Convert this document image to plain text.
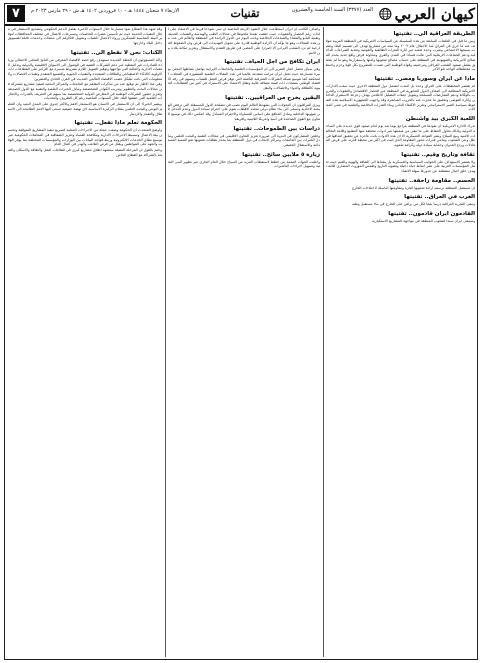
كيهان العربي
العدد (٣٣٧٧) السنة الخامسة والعشرون
تقنيات
الاربعاء ٧ شعبان ١٤٤٤ هـ - ١٠ فروردين ١٤٠٢ هـ ش - ٢٩ مارس ٢٠٢٣ م
٧
الطريقة العراقية الى.. تفتيتها

وبين ما قيل في الحلقات السابقة من هذه السلسلة عن السياسات الامريكية في المنطقة العربية نتوقف عند ما جرى في العراق منذ الاحتلال عام ٢٠٠٣ وما تبعه من مشاريع تهدف الى تقسيم البلاد وتفتيت نسيجها الاجتماعي وضرب وحدة شعبه عبر اثارة النعرات الطائفية والقومية وتغذية الصراعات الداخلية ودعم الجماعات الارهابية التي عاثت فسادا في المدن والقرى ومحاولة فرض واقع جديد يخدم المصالح الامريكية والصهيونية في المنطقة على حساب مصالح شعوبها وامنها واستقرارها وهو ما لم يتحقق بفضل صمود الشعب العراقي ومرجعيته وقواه الوطنية التي تصدت للمشروع بكل قوة وحزم واحبطت مخططاته الواحد تلو الآخر

ماذا عن ايران وسوريا ومصر.. تفتيتها

لم تقتصر المخططات على العراق وحده بل امتدت لتشمل دول المنطقة الاخرى حيث سعت الادارات الامريكية المتعاقبة الى اضعاف الدول المحورية في المنطقة عبر الحصار الاقتصادي والعقوبات والحروب بالوكالة ودعم المعارضات المسلحة وتمويل حملات التضليل الاعلامي بهدف زعزعة الاستقرار الداخلي واثارة الفوضى وتحقيق ما عجزت عنه بالحروب المباشرة وقد واجهت الجمهورية الاسلامية هذه الضغوط بسياسة الصبر الاستراتيجي وتعزيز الاكتفاء الذاتي وبناء القدرات الدفاعية والعلمية في شتى المجالات

اللعبة الكبرى بيد واشنطن

تدرك الادارة الامريكية ان نفوذها في المنطقة يتراجع يوما بعد يوم امام صعود قوى جديدة على الساحة الدولية ولذلك تحاول الحفاظ على ما تبقى من هيمنتها عبر ادوات مختلفة منها التطبيع واقامة التحالفات الامنية وبيع السلاح ونشر القواعد العسكرية الا ان هذه الادوات باتت عاجزة عن تحقيق اهدافها في ظل وعي الشعوب وتنامي قدرات محور المقاومة الذي اثبت في اكثر من محطة قدرته على فرض المعادلات وردع العدوان وحماية سيادة دوله وكرامة شعوبه

ثقافة وتاريخ وقيم.. تفتيتها

ولا يقتصر الاستهداف على الجوانب السياسية والعسكرية بل يتعداها الى الثقافة والهوية والقيم حيث تعمل المؤسسات الغربية على نشر انماط حياة دخيلة وتشويه التاريخ وطمس الموروث الحضاري للامة بهدف خلق اجيال منقطعة عن جذورها سهلة الانقياد

الحسم.. مقاومة زاحفة.. تفتيتها

ان مستقبل المنطقة ترسمه ارادة شعوبها الحرة ومقاومتها الباسلة لا املاءات الخارج

الغرب في العراق.. تفتيتها

وتبقى التجربة العراقية درسا بليغا لكل من يراهن على الخارج في بناء مستقبل وطنه

القادمون ايران قادمون.. تفتيتها

وستبقى ايران سندا لشعوب المنطقة في مواجهة المشاريع الاستكبارية

واضاف الكاتب ان ايران استطاعت خلال العقود الاربعة الماضية ان تبني نموذجا فريدا في الاعتماد على الذات رغم الحصار والعقوبات حيث حققت تقدما ملحوظا في مجالات الطب والهندسة والتقنيات الحديثة وتقنية النانو والفضاء والصناعات الدفاعية وباتت اليوم من الدول الرائدة في المنطقة والعالم في عدد من هذه المجالات وهو ما يؤكد ان الارادة الوطنية قادرة على تحويل التهديدات الى فرص وان الضغوط الخارجية لم تزد الشعب الايراني الا اصرارا على المضي في طريق التقدم والاستقلال وتعزيز مكانة بلاده بين الامم

ايران تكافح من اجل الحياة.. تفتيتها

وفي سياق متصل اشار التقرير الى ان المؤسسات العلمية والجامعات الايرانية تواصل نشاطها البحثي بوتيرة متسارعة حيث تحتل ايران مراتب متقدمة عالميا في عدد المقالات العلمية المنشورة في المجلات المحكمة كما تتوسع شبكة الشركات المعرفية الناشئة التي توفر فرص العمل للشباب وتسهم في رفد الاقتصاد الوطني بمنتجات ذات قيمة مضافة عالية وتقلل الاعتماد على الاستيراد في كثير من القطاعات الحيوية كالطاقة والدواء والاتصالات والنقل

اليقين يخرج من العراقيين.. تفتيتها

ويرى المراقبون ان التحولات التي يشهدها العالم اليوم تصب في مصلحة الدول المستقلة التي ترفض الهيمنة الاحادية وتسعى الى بناء نظام دولي متعدد الاقطاب يقوم على احترام سيادة الدول وعدم التدخل في شؤونها الداخلية وتبادل المنافع على اساس المساواة والاحترام المتبادل وقد انعكس ذلك في توسيع التعاون مع القوى الصاعدة في آسيا وامريكا اللاتينية وافريقيا

دراسات بين الطموحات.. تفتيتها

وخلص المشاركون في الندوة الى ضرورة تعزيز التعاون الاقليمي في مجالات التقنية والبحث العلمي وتبادل الخبرات بين الجامعات ومراكز الابحاث في دول المنطقة بما يخدم تطلعات شعوبها نحو التنمية المستدامة والاستقلال الحقيقي

زيارة ٥ ملايين سائح.. تفتيتها

واعلنت الجهات المعنية عن خطط لاستقطاب المزيد من السياح خلال العام الجاري عبر تطوير البنى التحتية وتسهيل اجراءات التأشيرات

وقد شهد هذا القطاع نموا متسارعا خلال السنوات الاخيرة بفضل الدعم الحكومي وتشجيع الاستثمار في مجال التقنيات الحديثة حيث تم تأسيس عشرات الحاضنات ومسرعات الاعمال في مختلف المحافظات لتوفير البيئة المناسبة للمبتكرين ورواد الاعمال الشباب وتحويل افكارهم الى منتجات وخدمات قابلة للتسويق داخل البلاد وخارجها

الكتاب: نحن لا نقطع الى.. تفتيتها

واكد المسؤولون ان الخطة الجديدة تستهدف رفع حصة الاقتصاد المعرفي من الناتج المحلي الاجمالي وزيادة الصادرات غير النفطية عبر دعم الشركات التقنية في الوصول الى الاسواق الاقليمية والدولية وتذليل العقبات الادارية والمالية التي تواجهها وتوفير التمويل اللازم بشروط ميسرة مع التركيز على القطاعات ذات الاولوية كالذكاء الاصطناعي والطاقات المتجددة والتقنيات الحيوية والتصنيع المتقدم وتقنيات الاتصالات والمعلومات التي باتت تشكل عصب الاقتصاد العالمي الحديث في القرن الحادي والعشرين

وفي هذا الاطار تم توقيع عدد من مذكرات التفاهم مع الجامعات والمراكز البحثية لتنفيذ مشاريع مشتركة في مجالات البحث والتطوير وتدريب الكوادر المتخصصة وتبادل الخبرات العلمية والتقنية مع الدول الصديقة وتعزيز حضور الشركات الوطنية في المعارض الدولية المتخصصة بما يسهم في التعريف بالقدرات والانجازات العلمية التي حققتها البلاد خلال السنوات الماضية رغم كل الظروف والتحديات

ويشير الخبراء الى ان الاستثمار في الانسان هو الاستثمار الاهم والاكثر جدوى على المدى البعيد وان التعليم النوعي والبحث العلمي يمثلان الركيزة الاساسية لاي نهضة حقيقية تسعى اليها الامم الطامحة الى الاستقلال والتقدم والازدهار

الحكومة تعلم ماذا تفعل.. تفتيتها

واوضح المتحدث ان الحكومة وضعت جملة من الاجراءات العملية لتسريع تنفيذ المشاريع المتوقفة وتحسين بيئة الاعمال وتبسيط الاجراءات الادارية ومكافحة الفساد وتعزيز الشفافية في المعاملات الحكومية عبر توسيع نطاق الخدمات الالكترونية وربط قواعد البيانات بين الوزارات والمؤسسات المختلفة بما يوفر الوقت والجهد على المواطنين ويقلل من فرص التلاعب والهدر في المال العام

وختم بالقول ان المرحلة المقبلة ستشهد اطلاق مشاريع كبرى في قطاعات النقل والطاقة والاسكان والصحة بالشراكة مع القطاع الخاص
